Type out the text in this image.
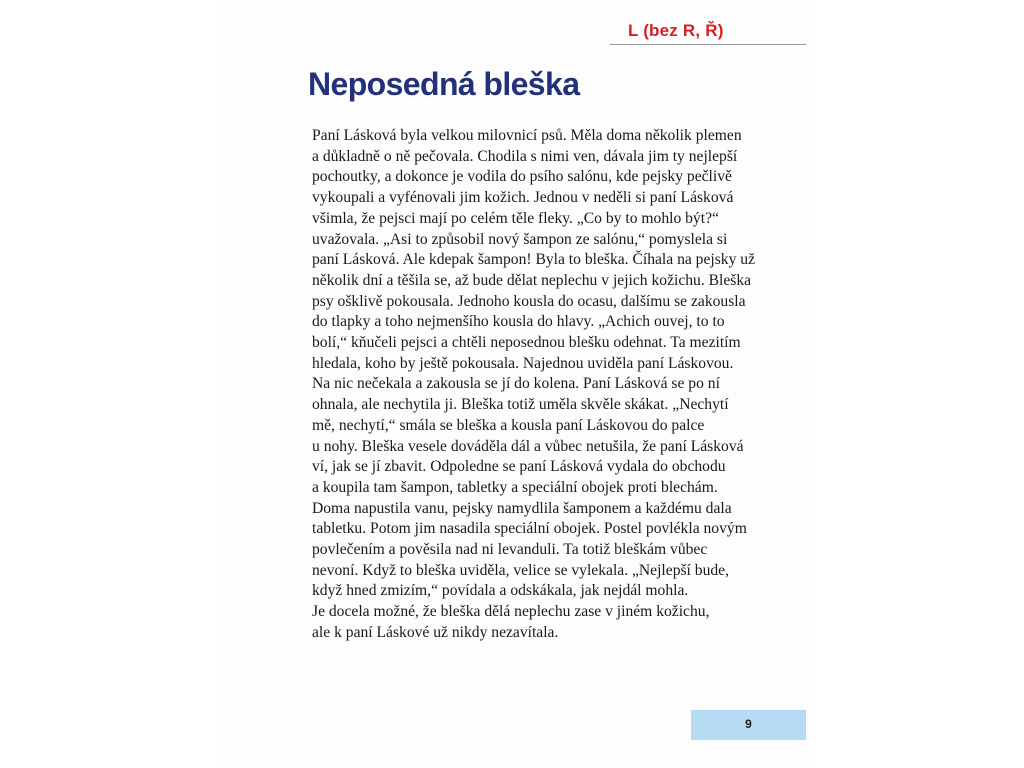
L (bez R, Ř)
Neposedná bleška
Paní Lásková byla velkou milovnicí psů. Měla doma několik plemen
a důkladně o ně pečovala. Chodila s nimi ven, dávala jim ty nejlepší
pochoutky, a dokonce je vodila do psího salónu, kde pejsky pečlivě
vykoupali a vyfénovali jim kožich. Jednou v neděli si paní Lásková
všimla, že pejsci mají po celém těle fleky. „Co by to mohlo být?“
uvažovala. „Asi to způsobil nový šampon ze salónu,“ pomyslela si
paní Lásková. Ale kdepak šampon! Byla to bleška. Číhala na pejsky už
několik dní a těšila se, až bude dělat neplechu v jejich kožichu. Bleška
psy ošklivě pokousala. Jednoho kousla do ocasu, dalšímu se zakousla
do tlapky a toho nejmenšího kousla do hlavy. „Achich ouvej, to to
bolí,“ kňučeli pejsci a chtěli neposednou blešku odehnat. Ta mezitím
hledala, koho by ještě pokousala. Najednou uviděla paní Láskovou.
Na nic nečekala a zakousla se jí do kolena. Paní Lásková se po ní
ohnala, ale nechytila ji. Bleška totiž uměla skvěle skákat. „Nechytí
mě, nechytí,“ smála se bleška a kousla paní Láskovou do palce
u nohy. Bleška vesele dováděla dál a vůbec netušila, že paní Lásková
ví, jak se jí zbavit. Odpoledne se paní Lásková vydala do obchodu
a koupila tam šampon, tabletky a speciální obojek proti blechám.
Doma napustila vanu, pejsky namydlila šamponem a každému dala
tabletku. Potom jim nasadila speciální obojek. Postel povlékla novým
povlečením a pověsila nad ni levanduli. Ta totiž bleškám vůbec
nevoní. Když to bleška uviděla, velice se vylekala. „Nejlepší bude,
když hned zmizím,“ povídala a odskákala, jak nejdál mohla.
Je docela možné, že bleška dělá neplechu zase v jiném kožichu,
ale k paní Láskové už nikdy nezavítala.
9
